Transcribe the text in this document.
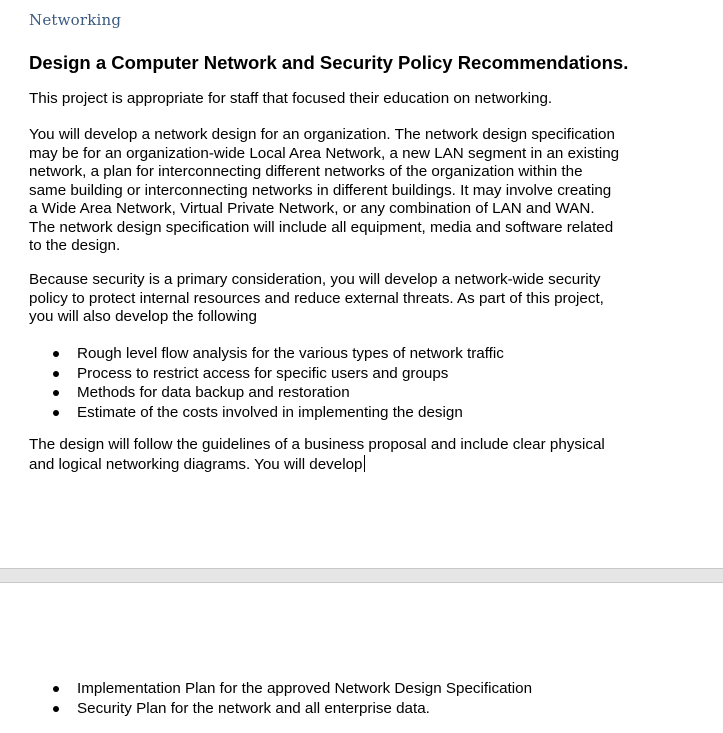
Networking
Design a Computer Network and Security Policy Recommendations.

This project is appropriate for staff that focused their education on networking.

You will develop a network design for an organization. The network design specification
may be for an organization-wide Local Area Network, a new LAN segment in an existing
network, a plan for interconnecting different networks of the organization within the
same building or interconnecting networks in different buildings. It may involve creating
a Wide Area Network, Virtual Private Network, or any combination of LAN and WAN.
The network design specification will include all equipment, media and software related
to the design.

Because security is a primary consideration, you will develop a network-wide security
policy to protect internal resources and reduce external threats. As part of this project,
you will also develop the following

Rough level flow analysis for the various types of network traffic
Process to restrict access for specific users and groups
Methods for data backup and restoration
Estimate of the costs involved in implementing the design

The design will follow the guidelines of a business proposal and include clear physical
and logical networking diagrams. You will develop

Implementation Plan for the approved Network Design Specification
Security Plan for the network and all enterprise data.
